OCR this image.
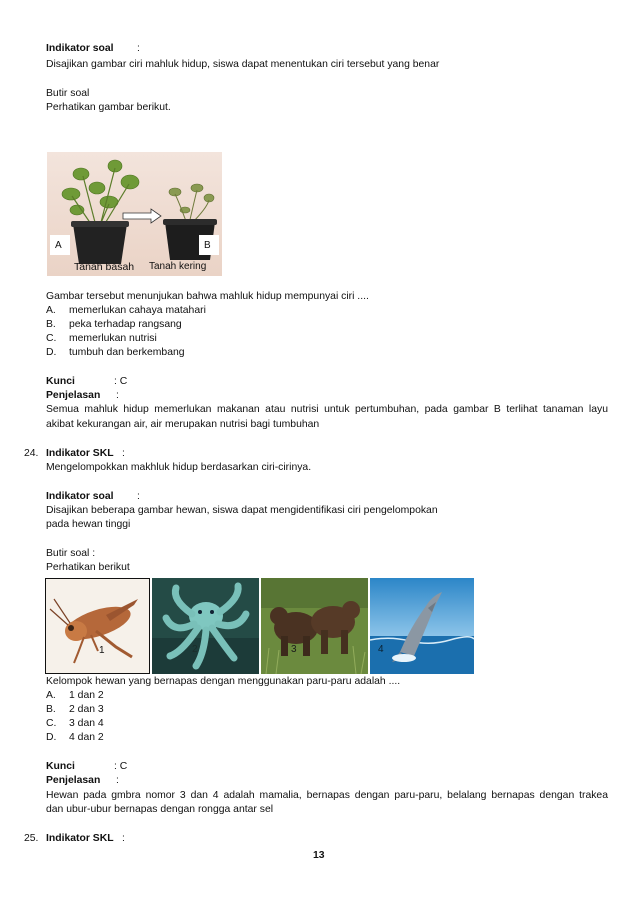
Indikator soal :
Disajikan gambar ciri mahluk hidup, siswa dapat menentukan ciri tersebut yang benar
Butir soal
Perhatikan gambar berikut.
A	B
Tanah basah Tanah kering
Gambar tersebut menunjukan bahwa mahluk hidup mempunyai ciri ....
A. memerlukan cahaya matahari
B. peka terhadap rangsang
C. memerlukan nutrisi
D. tumbuh dan berkembang
Kunci	: C
Penjelasan :
Semua mahluk hidup memerlukan makanan atau nutrisi untuk pertumbuhan, pada gambar B terlihat tanaman layu
akibat kekurangan air, air merupakan nutrisi bagi tumbuhan
24. Indikator SKL :
Mengelompokkan makhluk hidup berdasarkan ciri-cirinya.
Indikator soal :
Disajikan beberapa gambar hewan, siswa dapat mengidentifikasi ciri pengelompokan
pada hewan tinggi
Butir soal :
Perhatikan berikut
1	2	3	4
Kelompok hewan yang bernapas dengan menggunakan paru-paru adalah ....
A. 1 dan 2
B. 2 dan 3
C. 3 dan 4
D. 4 dan 2
Kunci	: C
Penjelasan :
Hewan pada gmbra nomor 3 dan 4 adalah mamalia, bernapas dengan paru-paru, belalang bernapas dengan trakea
dan ubur-ubur bernapas dengan rongga antar sel
25. Indikator SKL :
13
